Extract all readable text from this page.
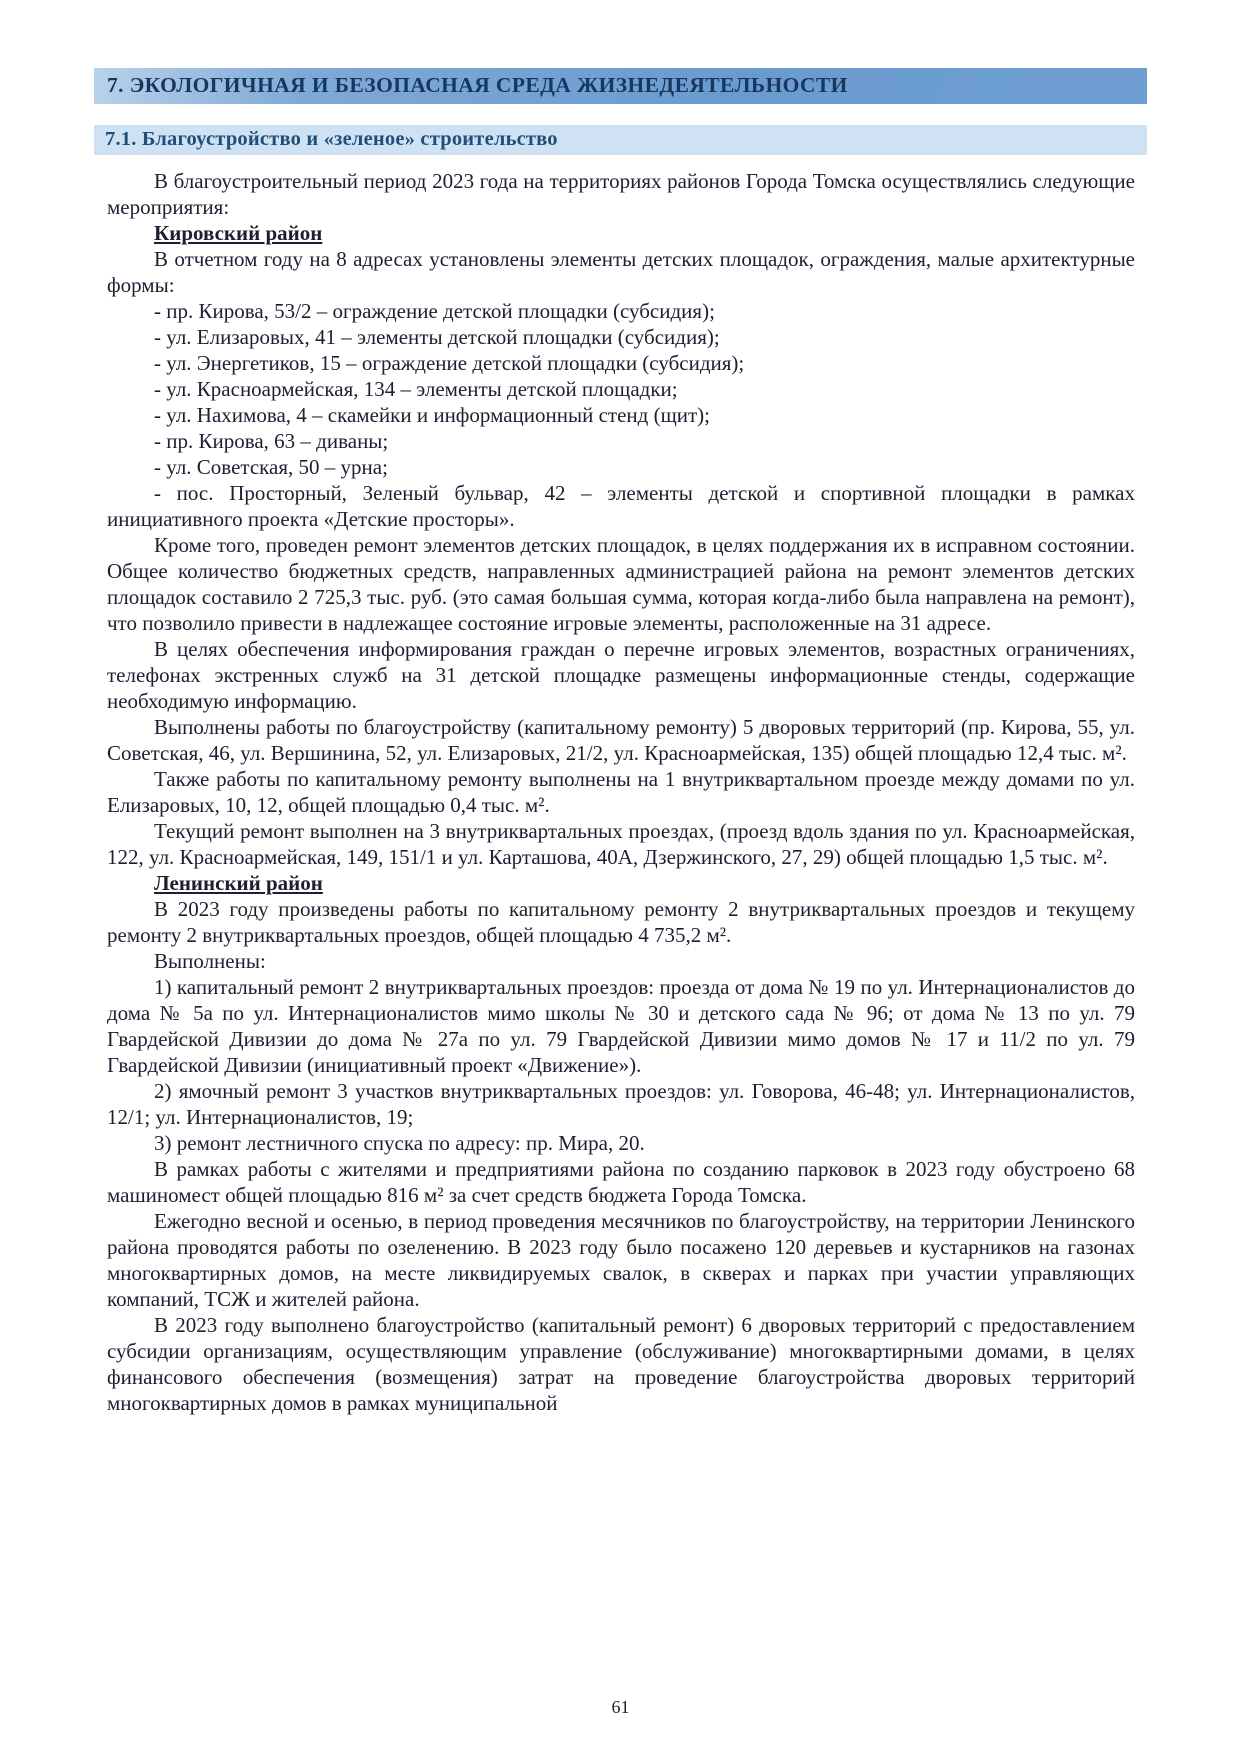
7. ЭКОЛОГИЧНАЯ И БЕЗОПАСНАЯ СРЕДА ЖИЗНЕДЕЯТЕЛЬНОСТИ
7.1. Благоустройство и «зеленое» строительство

В благоустроительный период 2023 года на территориях районов Города Томска осуществлялись следующие мероприятия:

Кировский район

В отчетном году на 8 адресах установлены элементы детских площадок, ограждения, малые архитектурные формы:

- пр. Кирова, 53/2 – ограждение детской площадки (субсидия);

- ул. Елизаровых, 41 – элементы детской площадки (субсидия);

- ул. Энергетиков, 15 – ограждение детской площадки (субсидия);

- ул. Красноармейская, 134 – элементы детской площадки;

- ул. Нахимова, 4 – скамейки и информационный стенд (щит);

- пр. Кирова, 63 – диваны;

- ул. Советская, 50 – урна;

- пос. Просторный, Зеленый бульвар, 42 – элементы детской и спортивной площадки в рамках инициативного проекта «Детские просторы».

Кроме того, проведен ремонт элементов детских площадок, в целях поддержания их в исправном состоянии. Общее количество бюджетных средств, направленных администрацией района на ремонт элементов детских площадок составило 2 725,3 тыс. руб. (это самая большая сумма, которая когда-либо была направлена на ремонт), что позволило привести в надлежащее состояние игровые элементы, расположенные на 31 адресе.

В целях обеспечения информирования граждан о перечне игровых элементов, возрастных ограничениях, телефонах экстренных служб на 31 детской площадке размещены информационные стенды, содержащие необходимую информацию.

Выполнены работы по благоустройству (капитальному ремонту) 5 дворовых территорий (пр. Кирова, 55, ул. Советская, 46, ул. Вершинина, 52, ул. Елизаровых, 21/2, ул. Красноармейская, 135) общей площадью 12,4 тыс. м².

Также работы по капитальному ремонту выполнены на 1 внутриквартальном проезде между домами по ул. Елизаровых, 10, 12, общей площадью 0,4 тыс. м².

Текущий ремонт выполнен на 3 внутриквартальных проездах, (проезд вдоль здания по ул. Красноармейская, 122, ул. Красноармейская, 149, 151/1 и ул. Карташова, 40А, Дзержинского, 27, 29) общей площадью 1,5 тыс. м².

Ленинский район

В 2023 году произведены работы по капитальному ремонту 2 внутриквартальных проездов и текущему ремонту 2 внутриквартальных проездов, общей площадью 4 735,2 м².

Выполнены:

1) капитальный ремонт 2 внутриквартальных проездов: проезда от дома № 19 по ул. Интернационалистов до дома № 5а по ул. Интернационалистов мимо школы № 30 и детского сада № 96; от дома № 13 по ул. 79 Гвардейской Дивизии до дома № 27а по ул. 79 Гвардейской Дивизии мимо домов № 17 и 11/2 по ул. 79 Гвардейской Дивизии (инициативный проект «Движение»).

2) ямочный ремонт 3 участков внутриквартальных проездов: ул. Говорова, 46-48; ул. Интернационалистов, 12/1; ул. Интернационалистов, 19;

3) ремонт лестничного спуска по адресу: пр. Мира, 20.

В рамках работы с жителями и предприятиями района по созданию парковок в 2023 году обустроено 68 машиномест общей площадью 816 м² за счет средств бюджета Города Томска.

Ежегодно весной и осенью, в период проведения месячников по благоустройству, на территории Ленинского района проводятся работы по озеленению. В 2023 году было посажено 120 деревьев и кустарников на газонах многоквартирных домов, на месте ликвидируемых свалок, в скверах и парках при участии управляющих компаний, ТСЖ и жителей района.

В 2023 году выполнено благоустройство (капитальный ремонт) 6 дворовых территорий с предоставлением субсидии организациям, осуществляющим управление (обслуживание) многоквартирными домами, в целях финансового обеспечения (возмещения) затрат на проведение благоустройства дворовых территорий многоквартирных домов в рамках муниципальной

61
